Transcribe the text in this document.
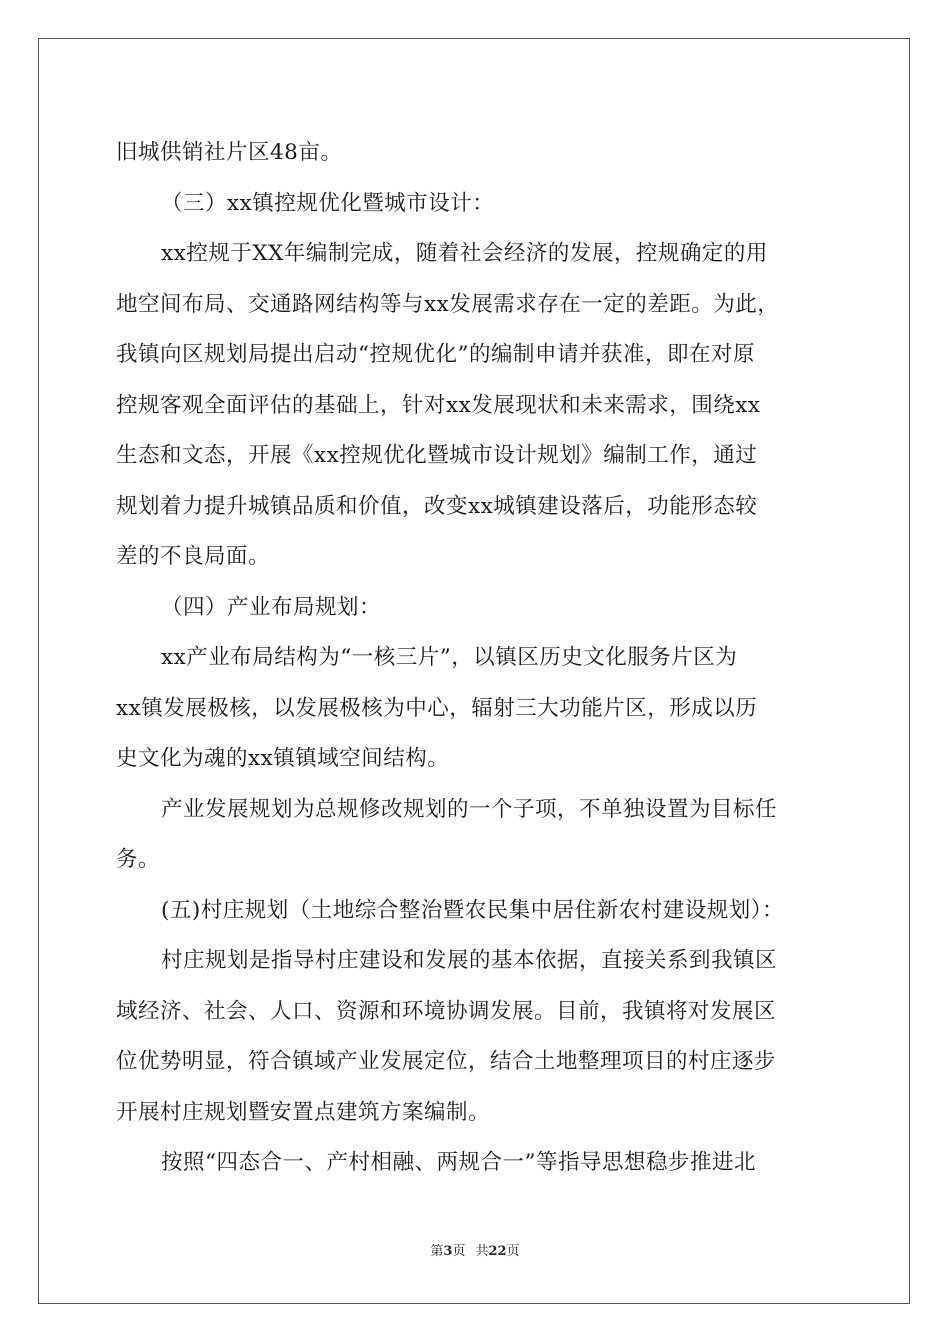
旧城供销社片区48亩。
（三）xx镇控规优化暨城市设计：
xx控规于XX年编制完成，随着社会经济的发展，控规确定的用
地空间布局、交通路网结构等与xx发展需求存在一定的差距。为此，
我镇向区规划局提出启动“控规优化”的编制申请并获准，即在对原
控规客观全面评估的基础上，针对xx发展现状和未来需求，围绕xx
生态和文态，开展《xx控规优化暨城市设计规划》编制工作，通过
规划着力提升城镇品质和价值，改变xx城镇建设落后，功能形态较
差的不良局面。
（四）产业布局规划：
xx产业布局结构为“一核三片”，以镇区历史文化服务片区为
xx镇发展极核，以发展极核为中心，辐射三大功能片区，形成以历
史文化为魂的xx镇镇域空间结构。
产业发展规划为总规修改规划的一个子项，不单独设置为目标任
务。
(五)村庄规划（土地综合整治暨农民集中居住新农村建设规划）：
村庄规划是指导村庄建设和发展的基本依据，直接关系到我镇区
域经济、社会、人口、资源和环境协调发展。目前，我镇将对发展区
位优势明显，符合镇域产业发展定位，结合土地整理项目的村庄逐步
开展村庄规划暨安置点建筑方案编制。
按照“四态合一、产村相融、两规合一”等指导思想稳步推进北
第3页 共22页
